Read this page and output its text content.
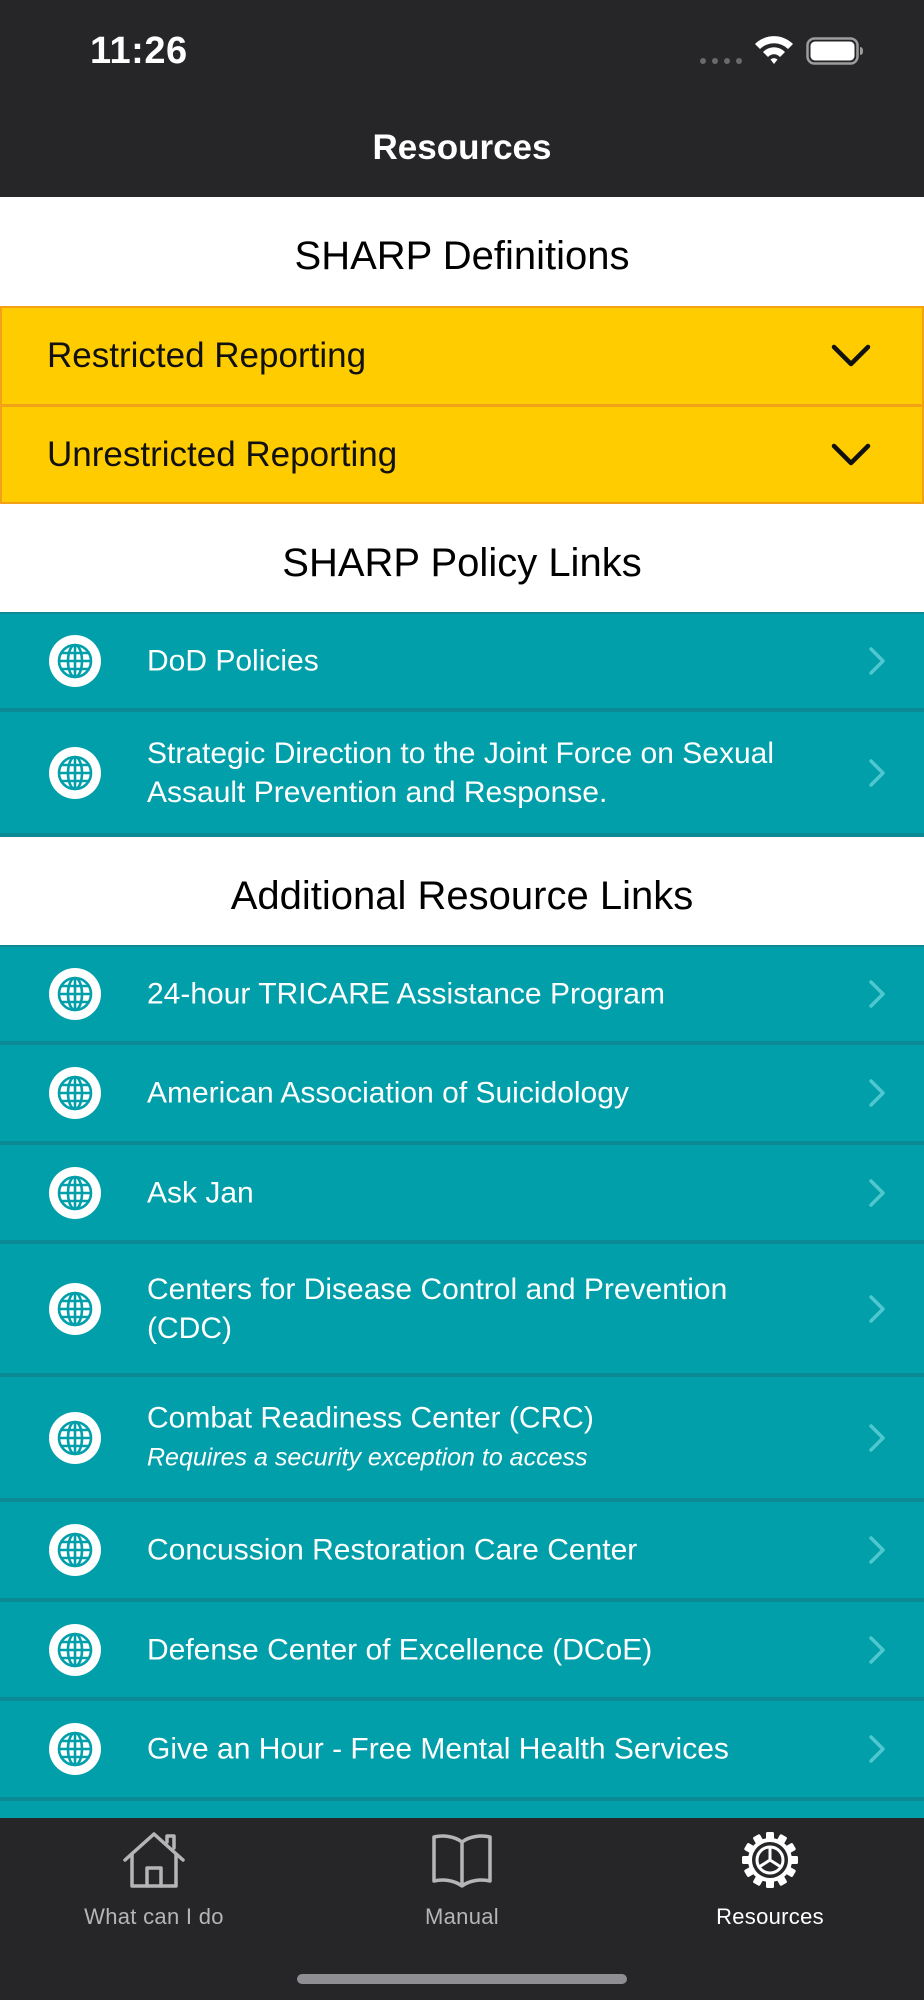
11:26
Resources
SHARP Definitions
Restricted Reporting
Unrestricted Reporting
SHARP Policy Links
DoD Policies
Strategic Direction to the Joint Force on Sexual Assault Prevention and Response.
Additional Resource Links
24-hour TRICARE Assistance Program
American Association of Suicidology
Ask Jan
Centers for Disease Control and Prevention (CDC)
Combat Readiness Center (CRC)
Requires a security exception to access
Concussion Restoration Care Center
Defense Center of Excellence (DCoE)
Give an Hour - Free Mental Health Services
What can I do	Manual	Resources
